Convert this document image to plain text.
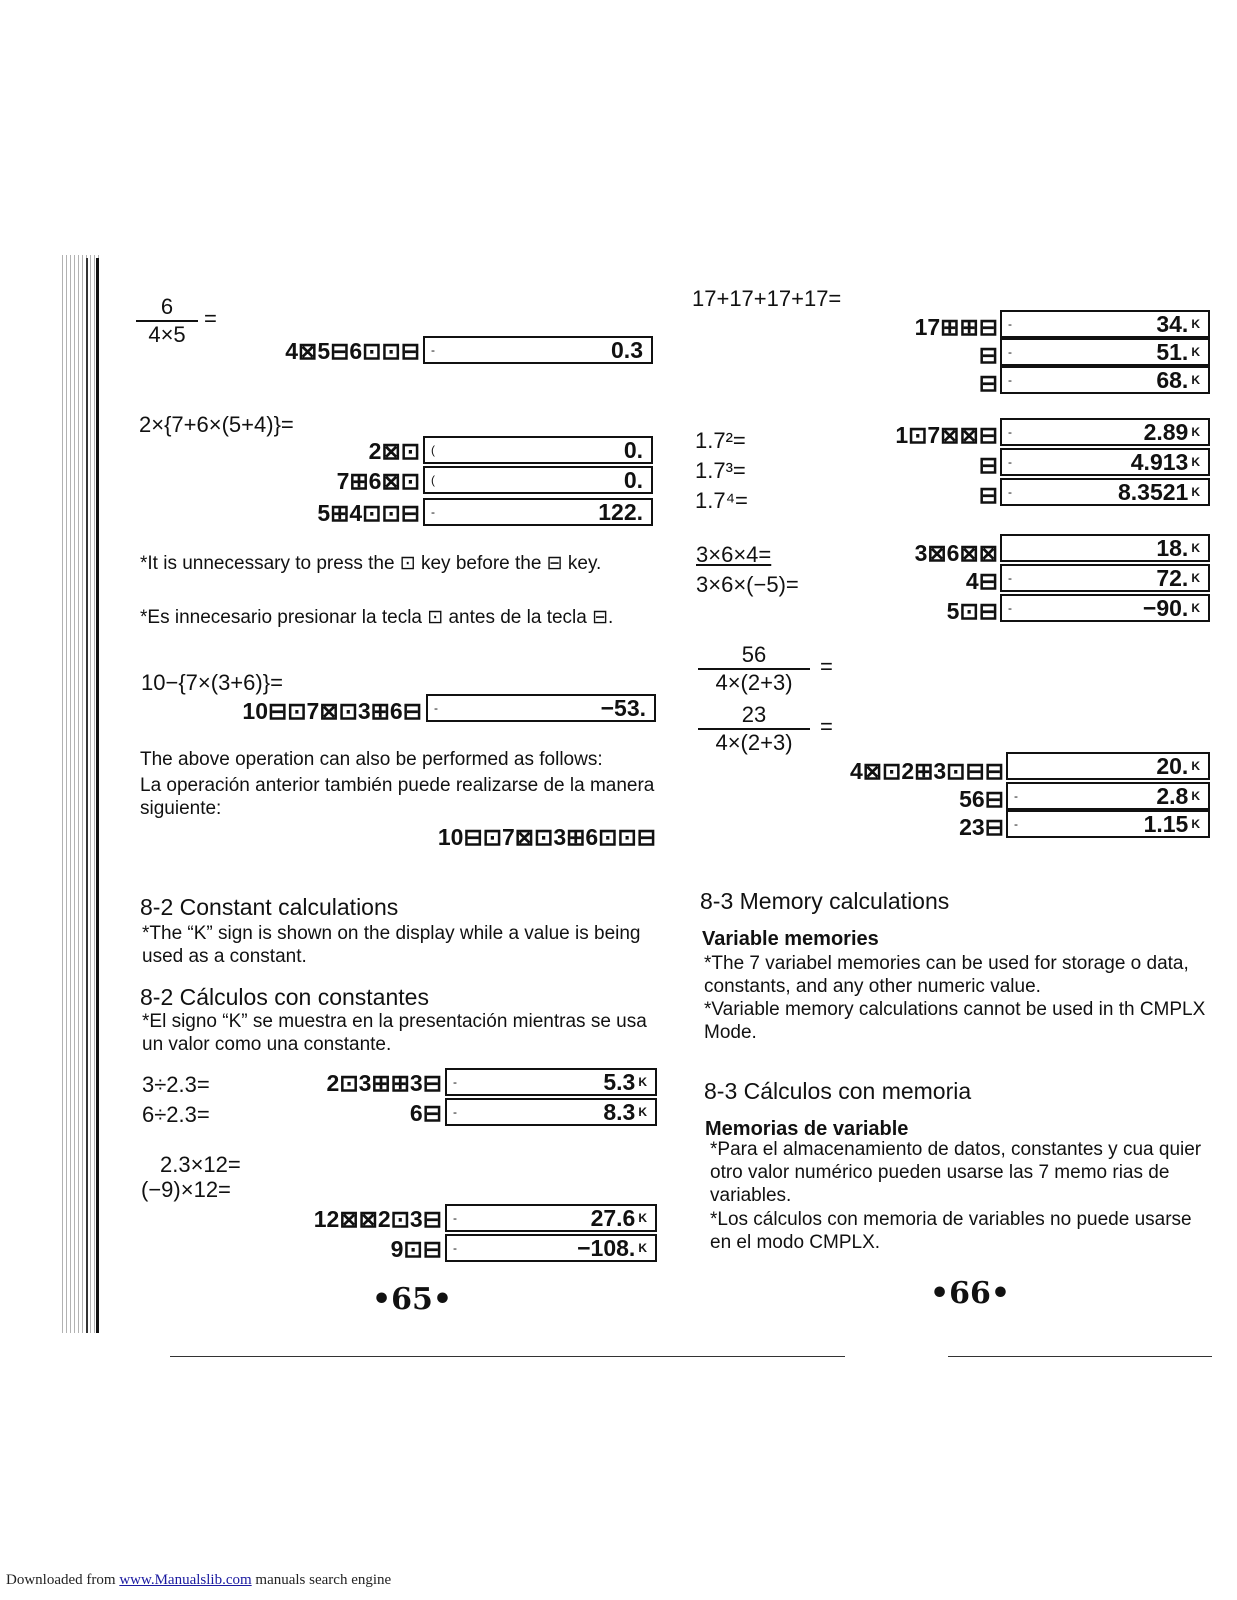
$\frac{6}{4\times 5}$ =
4⊠5⊟6⊡⊡⊟ -	0.3
2×{7+6×(5+4)}=
2⊠⊡ (	0.
7⊞6⊠⊡ (	0.
5⊞4⊡⊡⊟ -	122.
*It is unnecessary to press the ⊡ key before the ⊟ key.
*Es innecesario presionar la tecla ⊡ antes de la tecla ⊟.
10−{7×(3+6)}=
10⊟⊡7⊠⊡3⊞6⊟ -	−53.
The above operation can also be performed as follows:
La operación anterior también puede realizarse de la manera siguiente:
10⊟⊡7⊠⊡3⊞6⊡⊡⊟
8-2 Constant calculations
*The “K” sign is shown on the display while a value is being used as a constant.
8-2 Cálculos con constantes
*El signo “K” se muestra en la presentación mientras se usa un valor como una constante.
3÷2.3=	2⊡3⊞⊞3⊟ -	5.3 $^K$
6÷2.3=	6⊟ -	8.3 $^K$
2.3×12=
(−9)×12=
12⊠⊠2⊡3⊟ -	27.6 $^K$
9⊡⊟ -	−108. $^K$
•65•
17+17+17+17=
17⊞⊞⊟ -	34. $^K$
⊟ -	51. $^K$
⊟ -	68. $^K$
1.7²=	1⊡7⊠⊠⊟ -	2.89 $^K$
1.7³=	⊟ -	4.913 $^K$
1.7⁴=	⊟ -	8.3521 $^K$
3×6×4=	3⊠6⊠⊠	18. $^K$
3×6×(−5)=	4⊟ -	72. $^K$
5⊡⊟ -	−90. $^K$
$\frac{56}{4\times(2+3)}$ =
$\frac{23}{4\times(2+3)}$ =
4⊠⊡2⊞3⊡⊟⊟	20. $^K$
56⊟ -	2.8 $^K$
23⊟ -	1.15 $^K$
8-3 Memory calculations
Variable memories
*The 7 variabel memories can be used for storage o data, constants, and any other numeric value.
*Variable memory calculations cannot be used in th CMPLX Mode.
8-3 Cálculos con memoria
Memorias de variable
*Para el almacenamiento de datos, constantes y cua quier otro valor numérico pueden usarse las 7 memo rias de variables.
*Los cálculos con memoria de variables no puede usarse en el modo CMPLX.
•66•
Downloaded from www.Manualslib.com manuals search engine
